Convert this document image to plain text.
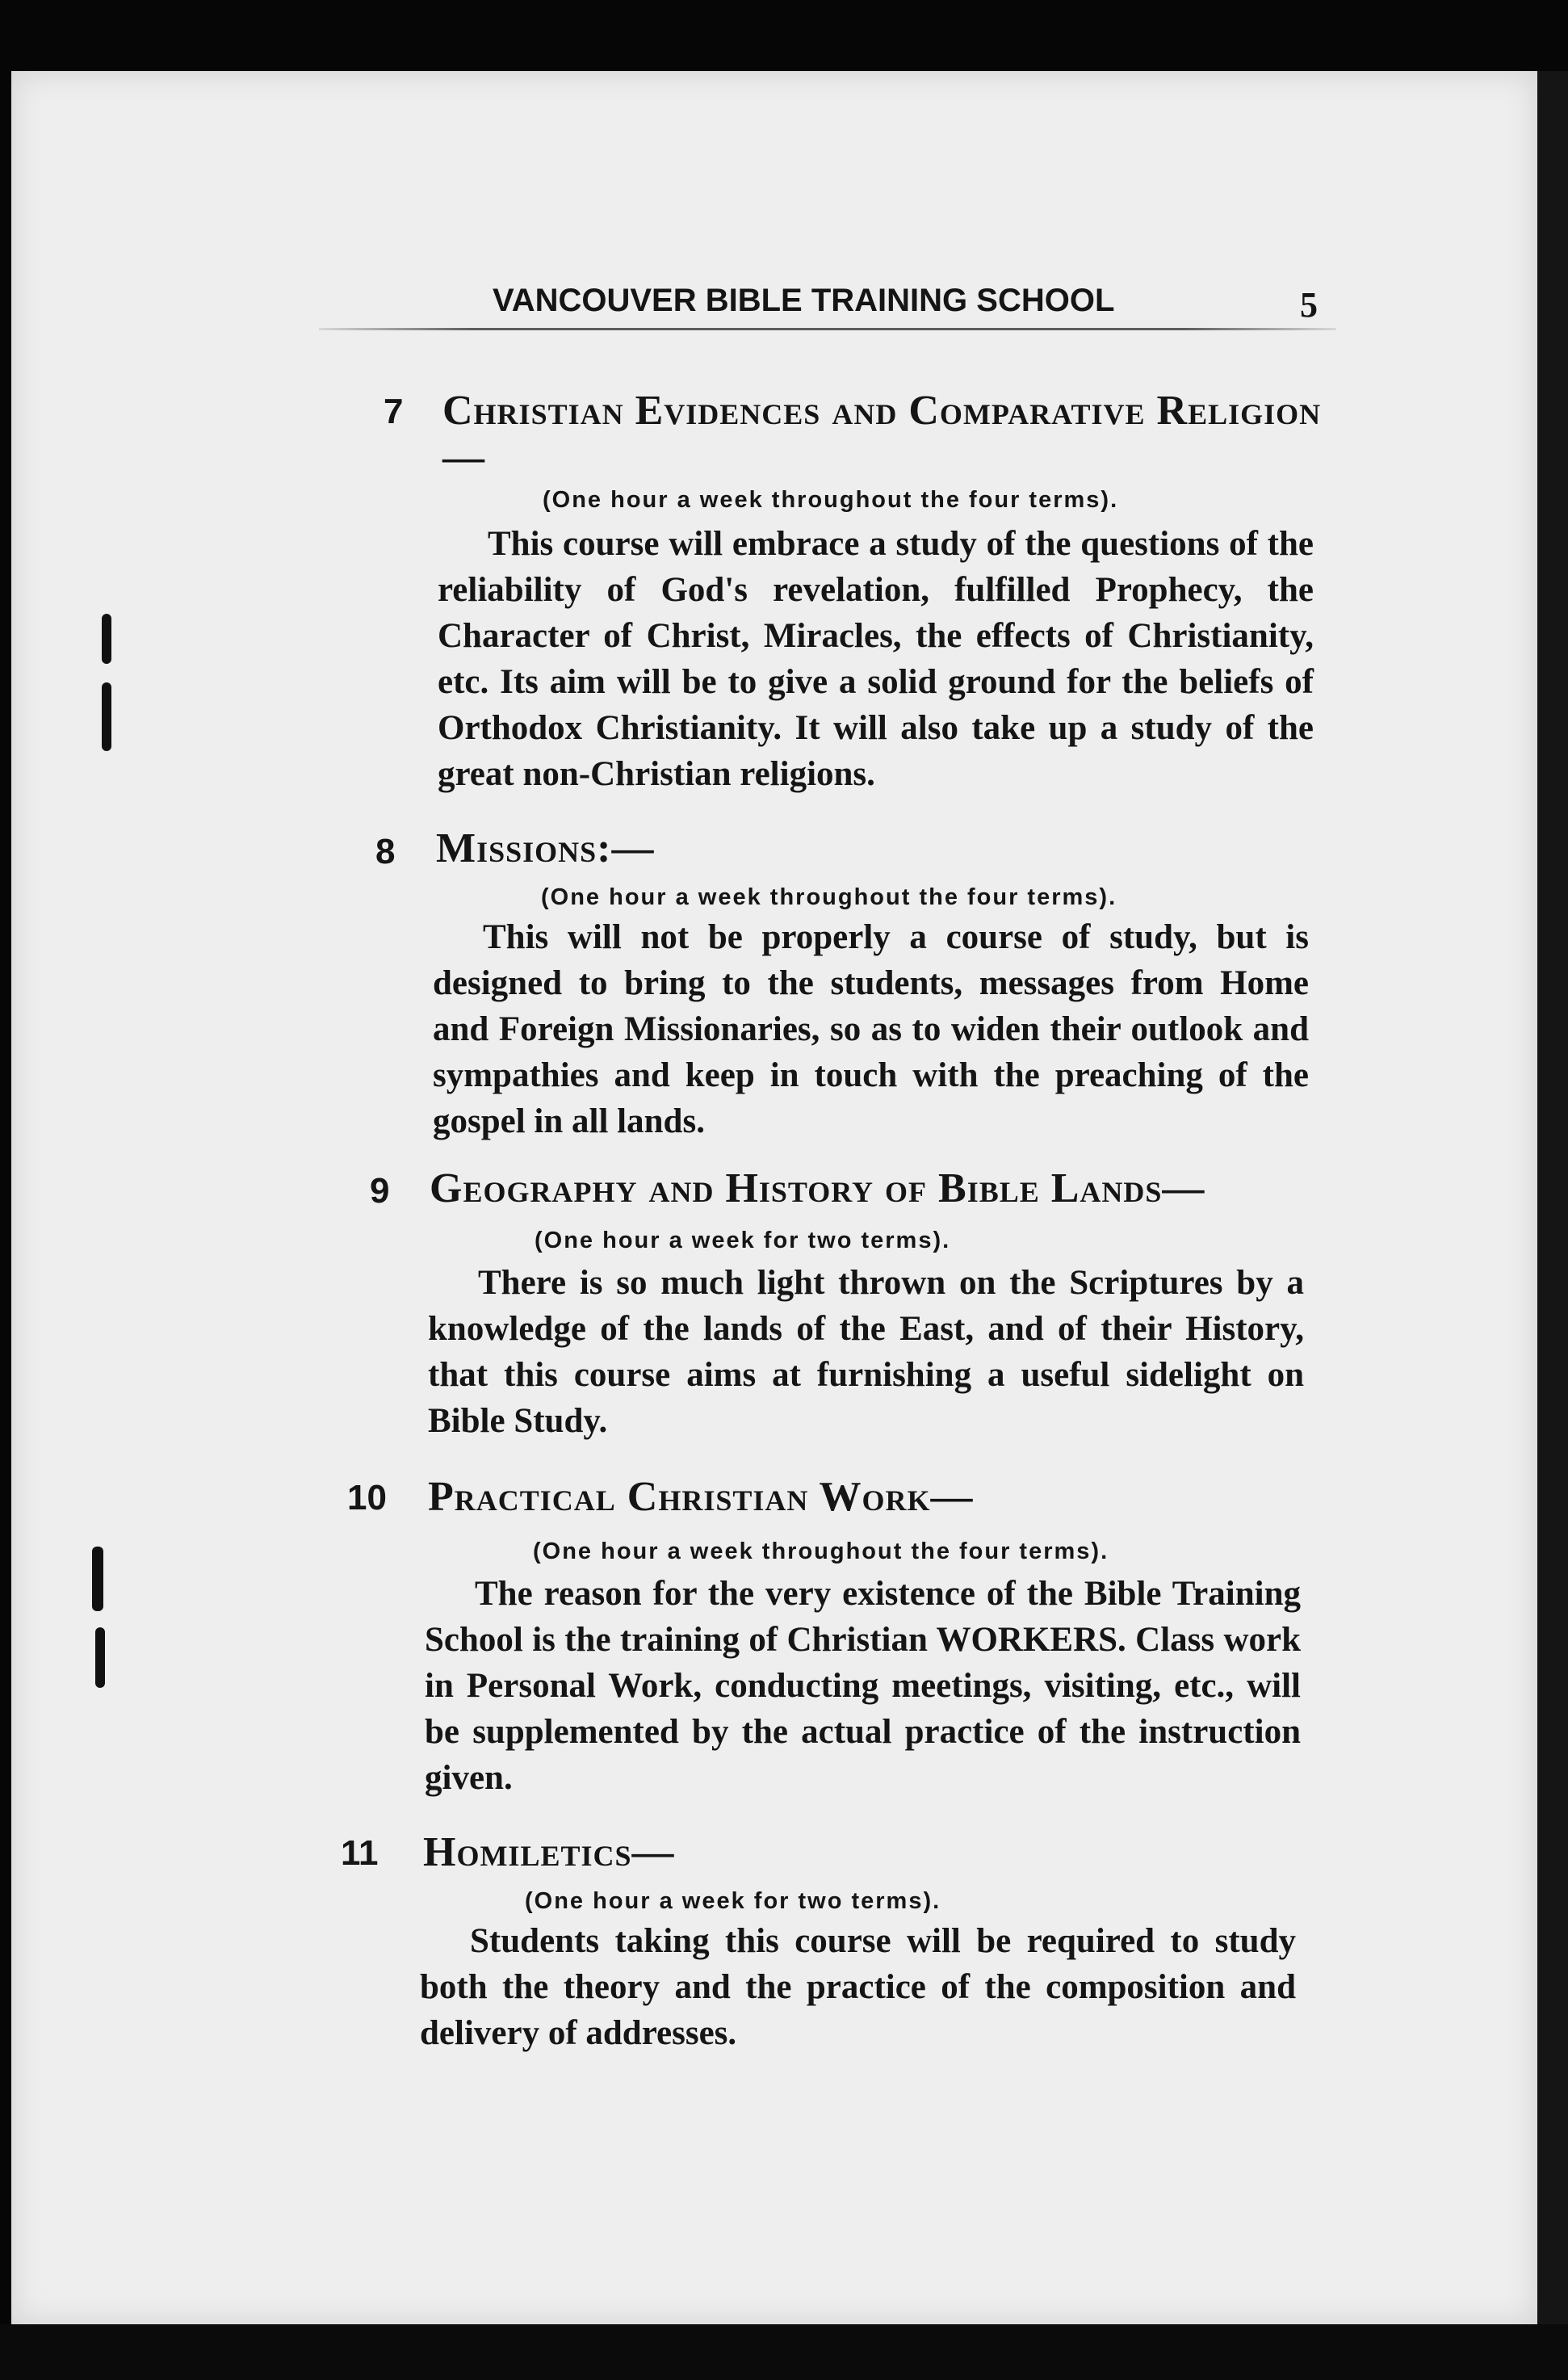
VANCOUVER BIBLE TRAINING SCHOOL	5
7 Christian Evidences and Comparative Religion—
(One hour a week throughout the four terms).
This course will embrace a study of the questions of the reliability of God's revelation, fulfilled Prophecy, the Character of Christ, Miracles, the effects of Christianity, etc. Its aim will be to give a solid ground for the beliefs of Orthodox Christianity. It will also take up a study of the great non-Christian religions.
8 Missions:—
(One hour a week throughout the four terms).
This will not be properly a course of study, but is designed to bring to the students, messages from Home and Foreign Missionaries, so as to widen their outlook and sympathies and keep in touch with the preaching of the gospel in all lands.
9 Geography and History of Bible Lands—
(One hour a week for two terms).
There is so much light thrown on the Scriptures by a knowledge of the lands of the East, and of their History, that this course aims at furnishing a useful sidelight on Bible Study.
10 Practical Christian Work—
(One hour a week throughout the four terms).
The reason for the very existence of the Bible Training School is the training of Christian WORKERS. Class work in Personal Work, conducting meetings, visiting, etc., will be supplemented by the actual practice of the instruction given.
11 Homiletics—
(One hour a week for two terms).
Students taking this course will be required to study both the theory and the practice of the composition and delivery of addresses.
